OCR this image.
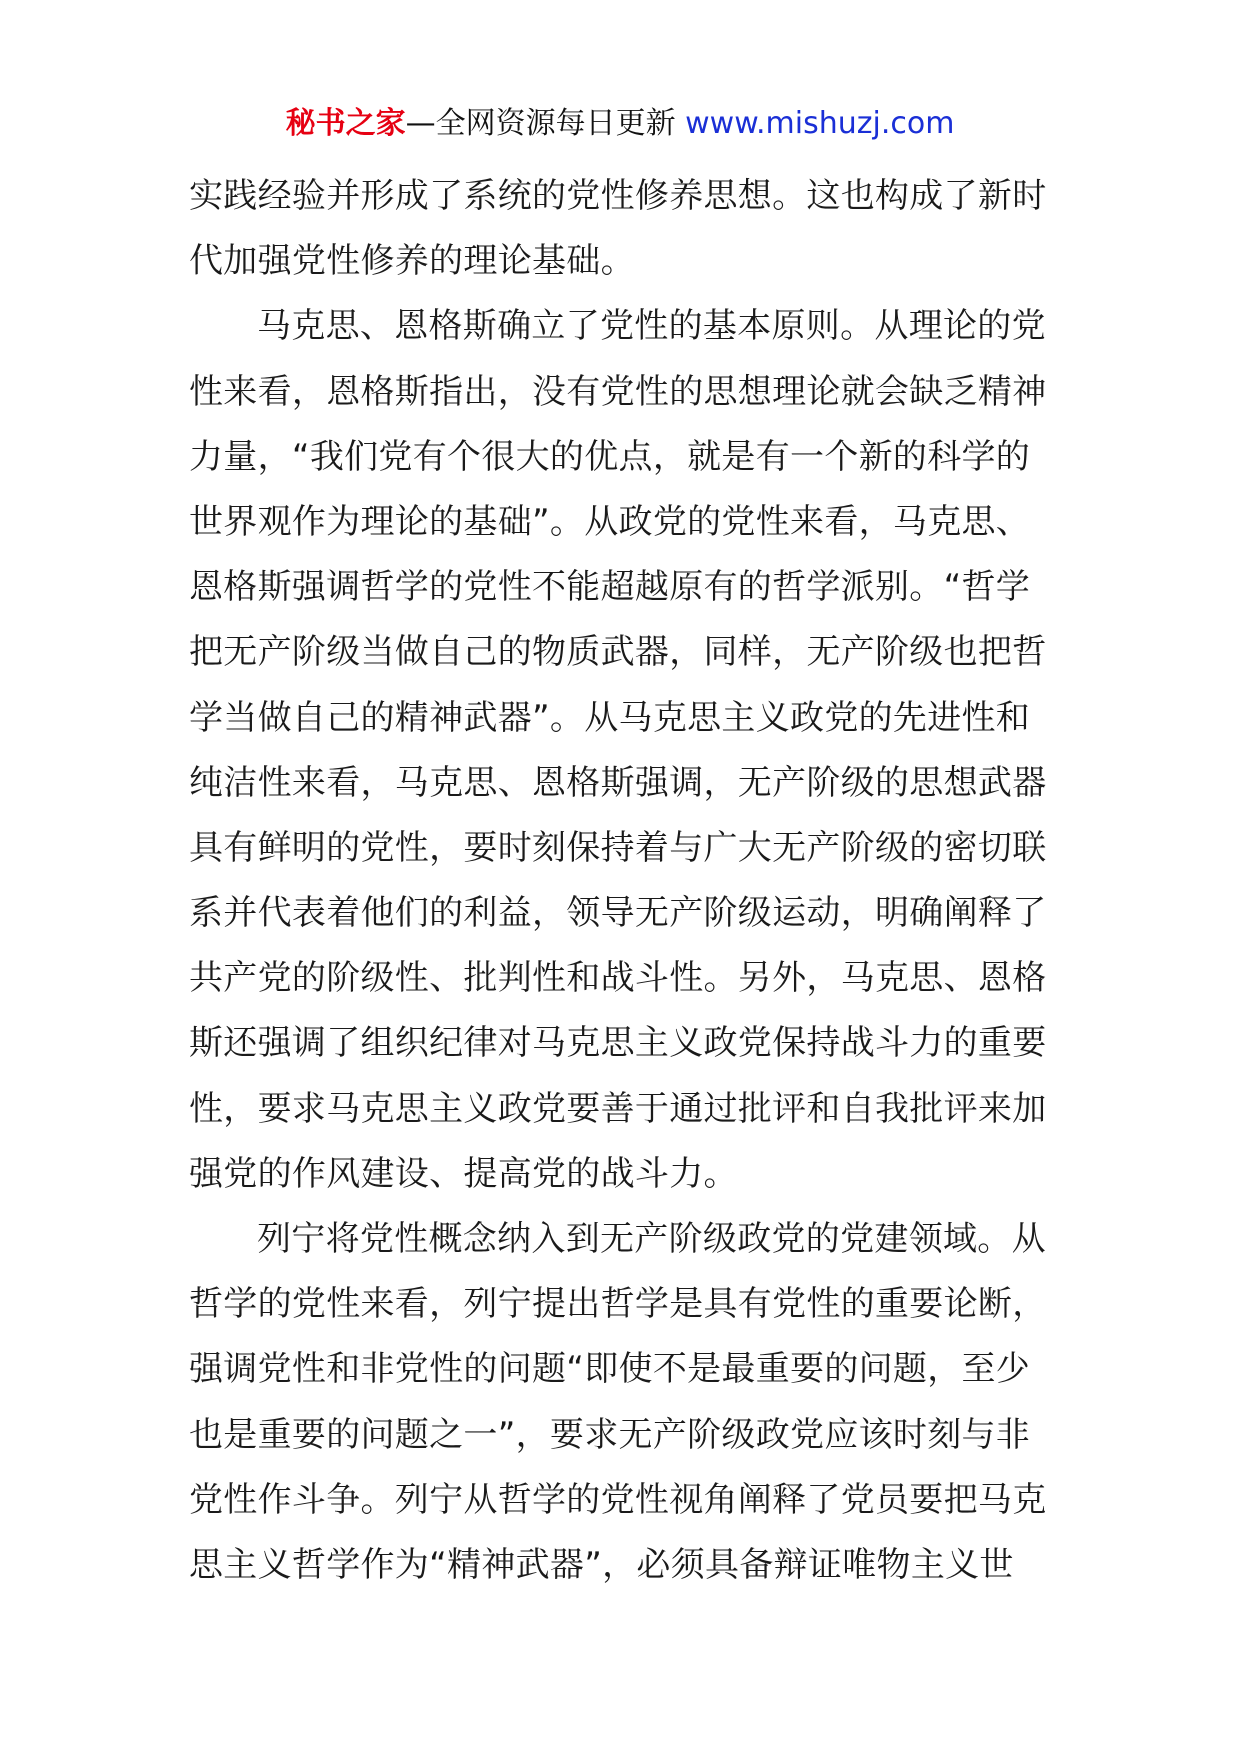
秘书之家—全网资源每日更新 www.mishuzj.com
实践经验并形成了系统的党性修养思想。这也构成了新时
代加强党性修养的理论基础。
马克思、恩格斯确立了党性的基本原则。从理论的党
性来看，恩格斯指出，没有党性的思想理论就会缺乏精神
力量，“我们党有个很大的优点，就是有一个新的科学的
世界观作为理论的基础”。从政党的党性来看，马克思、
恩格斯强调哲学的党性不能超越原有的哲学派别。“哲学
把无产阶级当做自己的物质武器，同样，无产阶级也把哲
学当做自己的精神武器”。从马克思主义政党的先进性和
纯洁性来看，马克思、恩格斯强调，无产阶级的思想武器
具有鲜明的党性，要时刻保持着与广大无产阶级的密切联
系并代表着他们的利益，领导无产阶级运动，明确阐释了
共产党的阶级性、批判性和战斗性。另外，马克思、恩格
斯还强调了组织纪律对马克思主义政党保持战斗力的重要
性，要求马克思主义政党要善于通过批评和自我批评来加
强党的作风建设、提高党的战斗力。
列宁将党性概念纳入到无产阶级政党的党建领域。从
哲学的党性来看，列宁提出哲学是具有党性的重要论断，
强调党性和非党性的问题“即使不是最重要的问题，至少
也是重要的问题之一”，要求无产阶级政党应该时刻与非
党性作斗争。列宁从哲学的党性视角阐释了党员要把马克
思主义哲学作为“精神武器”，必须具备辩证唯物主义世
